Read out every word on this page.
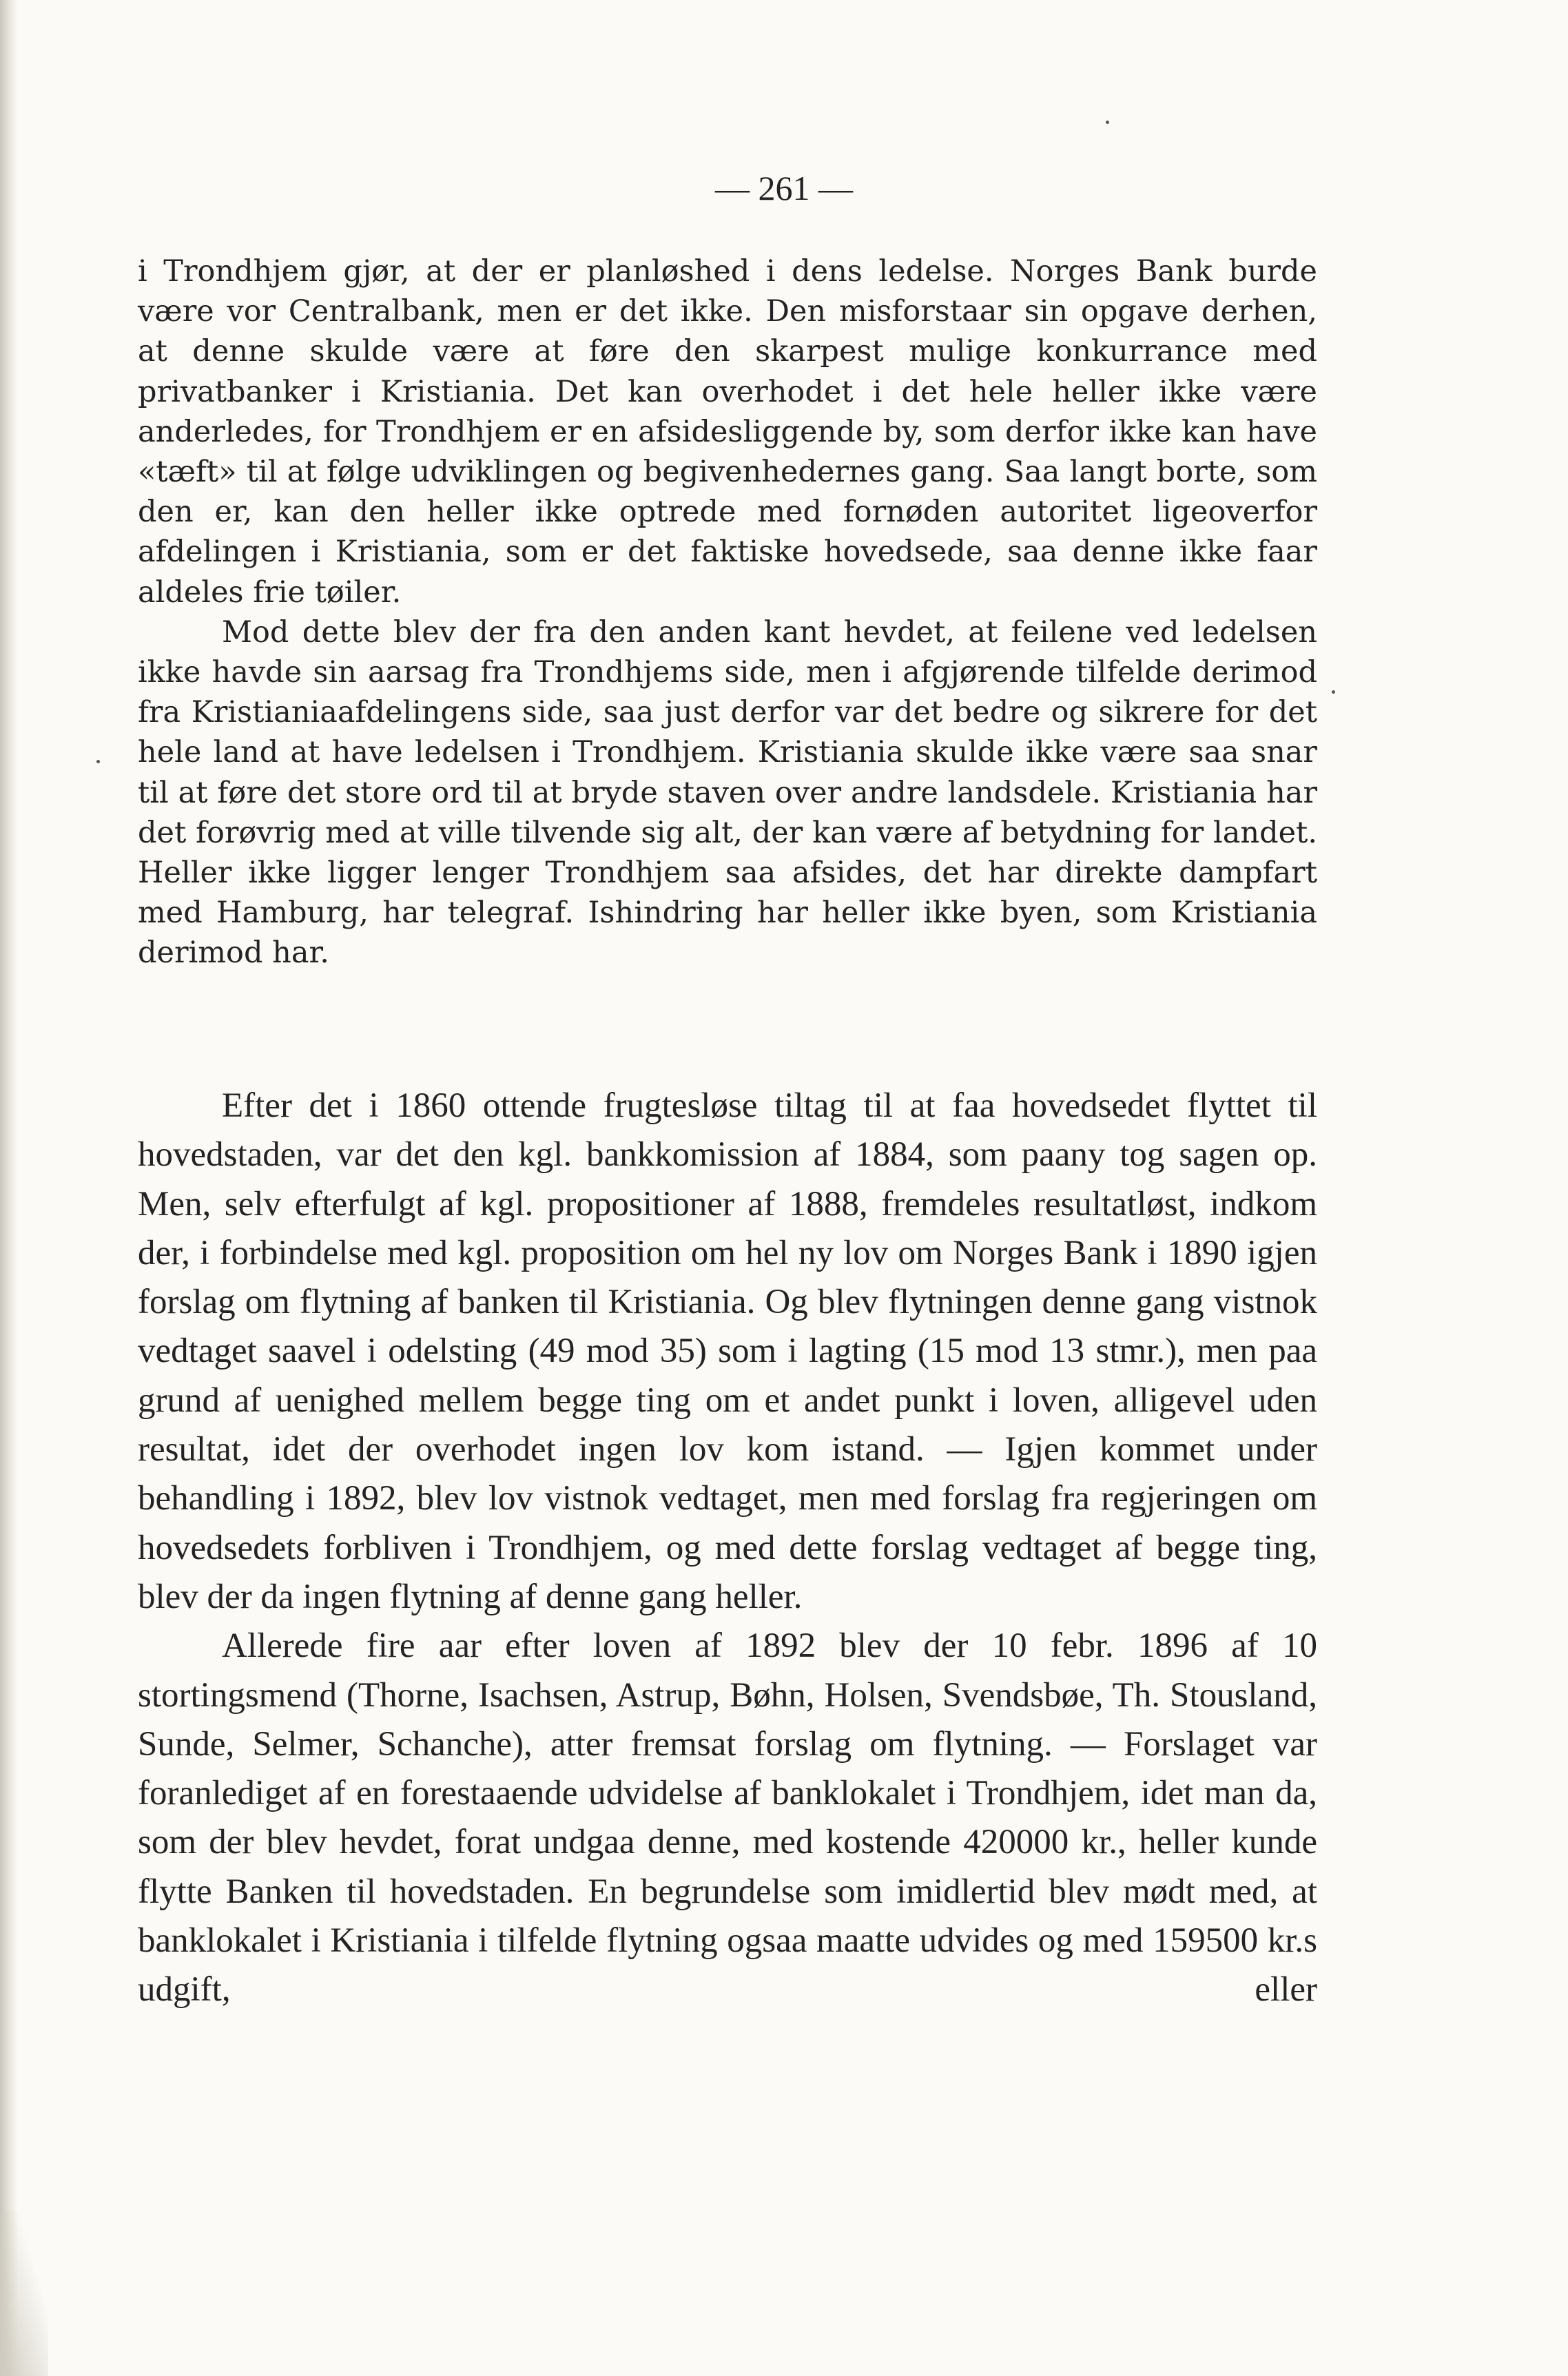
— 261 —

i Trondhjem gjør, at der er planløshed i dens ledelse. Norges Bank burde være vor Centralbank, men er det ikke. Den misforstaar sin opgave derhen, at denne skulde være at føre den skarpest mulige konkurrance med privatbanker i Kristiania. Det kan overhodet i det hele heller ikke være anderledes, for Trondhjem er en afsidesliggende by, som derfor ikke kan have «tæft» til at følge udviklingen og begivenhedernes gang. Saa langt borte, som den er, kan den heller ikke optrede med fornøden autoritet ligeoverfor afdelingen i Kristiania, som er det faktiske hovedsede, saa denne ikke faar aldeles frie tøiler.

Mod dette blev der fra den anden kant hevdet, at feilene ved ledelsen ikke havde sin aarsag fra Trondhjems side, men i afgjørende tilfelde derimod fra Kristianiaafdelingens side, saa just derfor var det bedre og sikrere for det hele land at have ledelsen i Trondhjem. Kristiania skulde ikke være saa snar til at føre det store ord til at bryde staven over andre landsdele. Kristiania har det forøvrig med at ville tilvende sig alt, der kan være af betydning for landet. Heller ikke ligger lenger Trondhjem saa afsides, det har direkte dampfart med Hamburg, har telegraf. Ishindring har heller ikke byen, som Kristiania derimod har.

Efter det i 1860 ottende frugtesløse tiltag til at faa hovedsedet flyttet til hovedstaden, var det den kgl. bankkomission af 1884, som paany tog sagen op. Men, selv efterfulgt af kgl. propositioner af 1888, fremdeles resultatløst, indkom der, i forbindelse med kgl. proposition om hel ny lov om Norges Bank i 1890 igjen forslag om flytning af banken til Kristiania. Og blev flytningen denne gang vistnok vedtaget saavel i odelsting (49 mod 35) som i lagting (15 mod 13 stmr.), men paa grund af uenighed mellem begge ting om et andet punkt i loven, alligevel uden resultat, idet der overhodet ingen lov kom istand. — Igjen kommet under behandling i 1892, blev lov vistnok vedtaget, men med forslag fra regjeringen om hovedsedets forbliven i Trondhjem, og med dette forslag vedtaget af begge ting, blev der da ingen flytning af denne gang heller.

Allerede fire aar efter loven af 1892 blev der 10 febr. 1896 af 10 stortingsmend (Thorne, Isachsen, Astrup, Bøhn, Holsen, Svendsbøe, Th. Stousland, Sunde, Selmer, Schanche), atter fremsat forslag om flytning. — Forslaget var foranlediget af en forestaaende udvidelse af banklokalet i Trondhjem, idet man da, som der blev hevdet, forat undgaa denne, med kostende 420000 kr., heller kunde flytte Banken til hovedstaden. En begrundelse som imidlertid blev mødt med, at banklokalet i Kristiania i tilfelde flytning ogsaa maatte udvides og med 159500 kr.s udgift, eller
